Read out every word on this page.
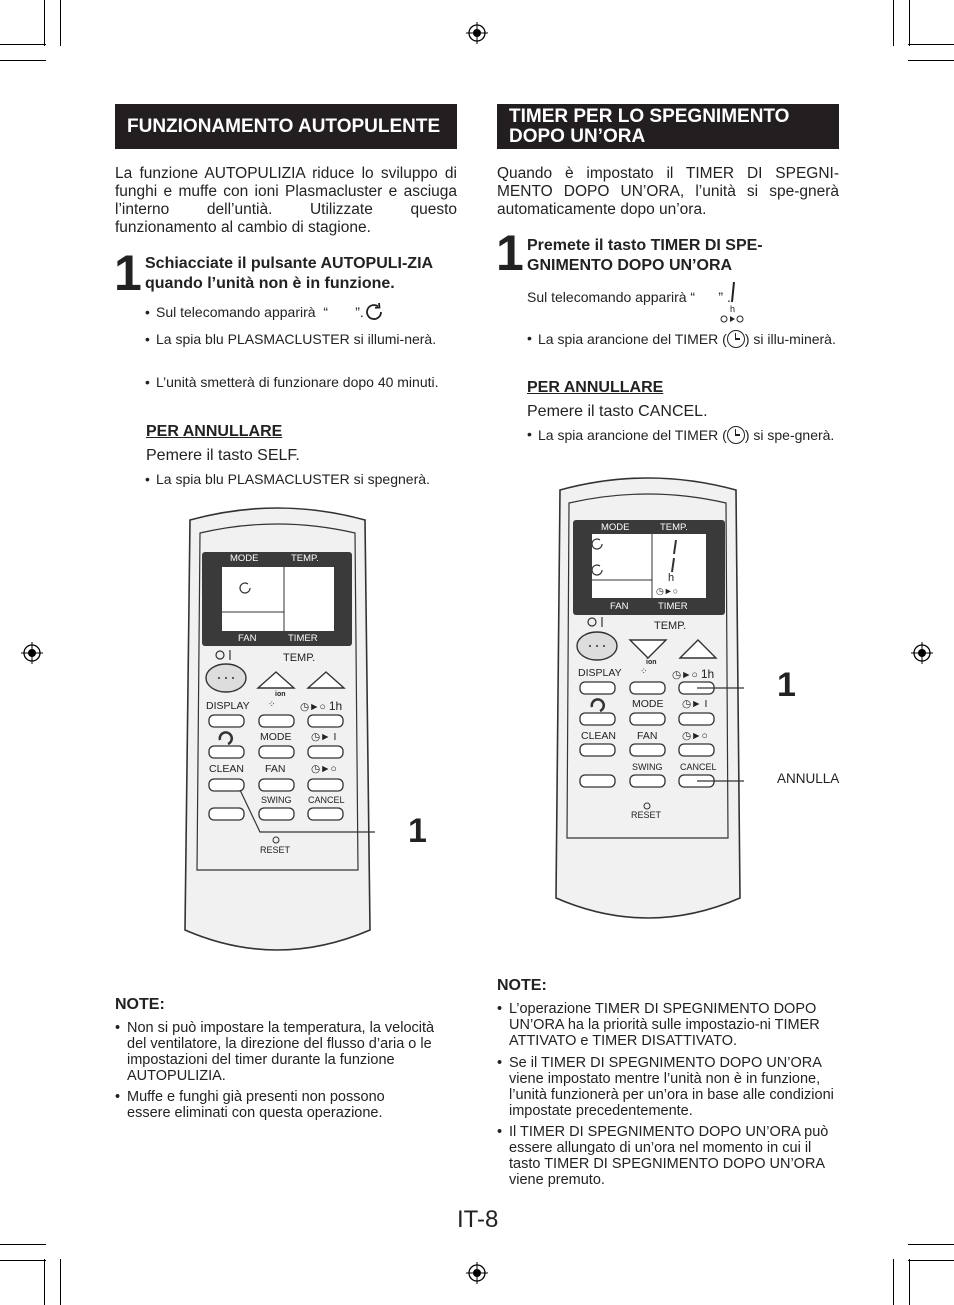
FUNZIONAMENTO AUTOPULENTE
La funzione AUTOPULIZIA riduce lo sviluppo di funghi e muffe con ioni Plasmacluster e asciuga l’interno dell’untià. Utilizzate questo funzionamento al cambio di stagione.
1 Schiacciate il pulsante AUTOPULI-ZIA quando l’unità non è in funzione.
• Sul telecomando apparirà  “       ”.
• La spia blu PLASMACLUSTER si illumi-nerà.
• L’unità smetterà di funzionare dopo 40 minuti.
PER ANNULLARE
Pemere il tasto SELF.
• La spia blu PLASMACLUSTER si spegnerà.
MODE	TEMP.
FAN	TIMER
TEMP.
DISPLAY
ion
⁘ ◷►○ 1h
MODE ◷► I
CLEAN FAN ◷►○
SWING CANCEL
RESET	1
NOTE:
• Non si può impostare la temperatura, la velocità del ventilatore, la direzione del flusso d’aria o le impostazioni del timer durante la funzione AUTOPULIZIA.
• Muffe e funghi già presenti non possono essere eliminati con questa operazione.
TIMER PER LO SPEGNIMENTO DOPO UN’ORA
Quando è impostato il TIMER DI SPEGNI-MENTO DOPO UN’ORA, l’unità si spe-gnerà automaticamente dopo un’ora.
1 Premete il tasto TIMER DI SPE-GNIMENTO DOPO UN’ORA
Sul telecomando apparirà “      ” .
h
• La spia arancione del TIMER ( ) si illu-minerà.
PER ANNULLARE
Pemere il tasto CANCEL.
• La spia arancione del TIMER ( ) si spe-gnerà.
MODE	TEMP.
FAN	TIMER
h
◷►○
TEMP.
DISPLAY
ion
⁘ ◷►○ 1h
MODE ◷► I
CLEAN FAN ◷►○
SWING CANCEL
RESET
1
ANNULLA
NOTE:
• L’operazione TIMER DI SPEGNIMENTO DOPO UN’ORA ha la priorità sulle impostazio-ni TIMER ATTIVATO e TIMER DISATTIVATO.
• Se il TIMER DI SPEGNIMENTO DOPO UN’ORA viene impostato mentre l’unità non è in funzione, l’unità funzionerà per un’ora in base alle condizioni impostate precedentemente.
• Il TIMER DI SPEGNIMENTO DOPO UN’ORA può essere allungato di un’ora nel momento in cui il tasto TIMER DI SPEGNIMENTO DOPO UN’ORA viene premuto.
IT-8
